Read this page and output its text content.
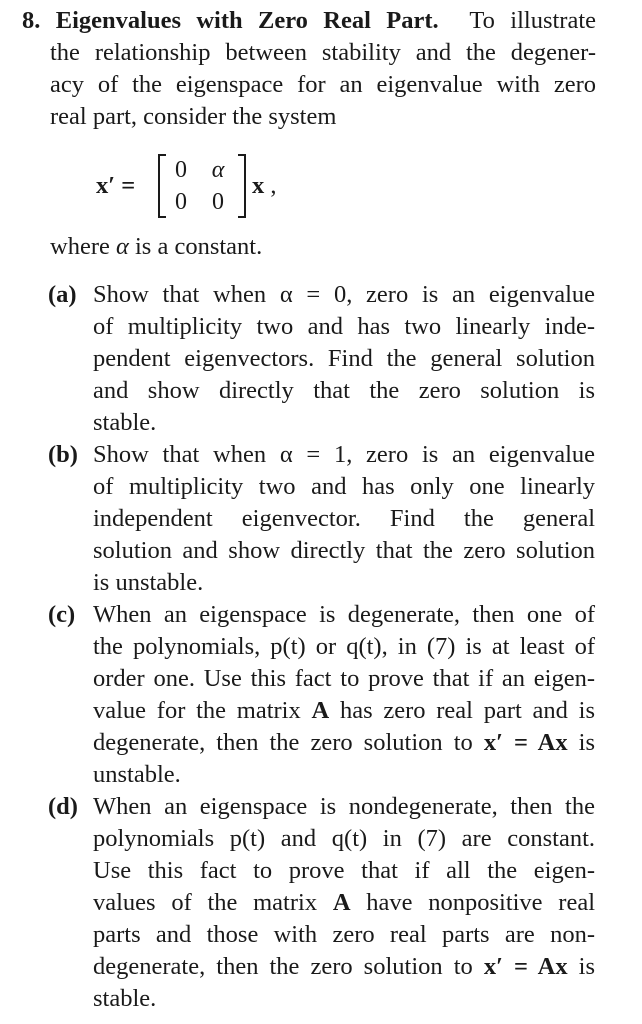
8. Eigenvalues with Zero Real Part. To illustrate
the relationship between stability and the degener-
acy of the eigenspace for an eigenvalue with zero
real part, consider the system
x′ =
0 α
0 0
x ,
where α is a constant.
(a) Show that when α = 0, zero is an eigenvalue
of multiplicity two and has two linearly inde-
pendent eigenvectors. Find the general solution
and show directly that the zero solution is
stable.
(b) Show that when α = 1, zero is an eigenvalue
of multiplicity two and has only one linearly
independent eigenvector. Find the general
solution and show directly that the zero solution
is unstable.
(c) When an eigenspace is degenerate, then one of
the polynomials, p(t) or q(t), in (7) is at least of
order one. Use this fact to prove that if an eigen-
value for the matrix A has zero real part and is
degenerate, then the zero solution to x′ = Ax is
unstable.
(d) When an eigenspace is nondegenerate, then the
polynomials p(t) and q(t) in (7) are constant.
Use this fact to prove that if all the eigen-
values of the matrix A have nonpositive real
parts and those with zero real parts are non-
degenerate, then the zero solution to x′ = Ax is
stable.
